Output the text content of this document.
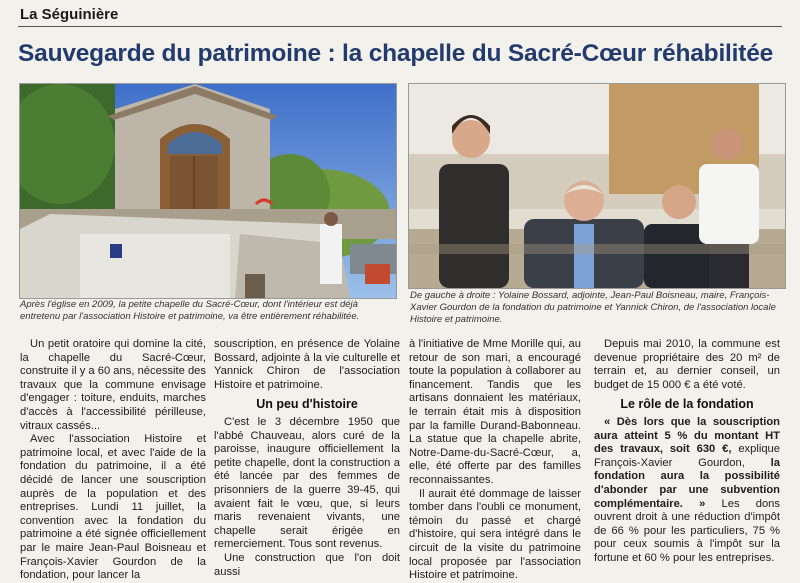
La Séguinière
Sauvegarde du patrimoine : la chapelle du Sacré-Cœur réhabilitée
Après l'église en 2009, la petite chapelle du Sacré-Cœur, dont l'intérieur est déjà entretenu par l'association Histoire et patrimoine, va être entièrement réhabilitée.
De gauche à droite : Yolaine Bossard, adjointe, Jean-Paul Boisneau, maire, François-Xavier Gourdon de la fondation du patrimoine et Yannick Chiron, de l'association locale Histoire et patrimoine.

Un petit oratoire qui domine la cité, la chapelle du Sacré-Cœur, construite il y a 60 ans, nécessite des travaux que la commune envisage d'engager : toiture, enduits, marches d'accès à l'accessibilité périlleuse, vitraux cassés...

Avec l'association Histoire et patrimoine local, et avec l'aide de la fondation du patrimoine, il a été décidé de lancer une souscription auprès de la population et des entreprises. Lundi 11 juillet, la convention avec la fondation du patrimoine a été signée officiellement par le maire Jean-Paul Boisneau et François-Xavier Gourdon de la fondation, pour lancer la

souscription, en présence de Yolaine Bossard, adjointe à la vie culturelle et Yannick Chiron de l'association Histoire et patrimoine.

Un peu d'histoire

C'est le 3 décembre 1950 que l'abbé Chauveau, alors curé de la paroisse, inaugure officiellement la petite chapelle, dont la construction a été lancée par des femmes de prisonniers de la guerre 39-45, qui avaient fait le vœu, que, si leurs maris revenaient vivants, une chapelle serait érigée en remerciement. Tous sont revenus.

Une construction que l'on doit aussi

à l'initiative de Mme Morille qui, au retour de son mari, a encouragé toute la population à collaborer au financement. Tandis que les artisans donnaient les matériaux, le terrain était mis à disposition par la famille Durand-Babonneau. La statue que la chapelle abrite, Notre-Dame-du-Sacré-Cœur, a, elle, été offerte par des familles reconnaissantes.

Il aurait été dommage de laisser tomber dans l'oubli ce monument, témoin du passé et chargé d'histoire, qui sera intégré dans le circuit de la visite du patrimoine local proposée par l'association Histoire et patrimoine.

Depuis mai 2010, la commune est devenue propriétaire des 20 m² de terrain et, au dernier conseil, un budget de 15 000 € a été voté.

Le rôle de la fondation

« Dès lors que la souscription aura atteint 5 % du montant HT des travaux, soit 630 €, explique François-Xavier Gourdon, la fondation aura la possibilité d'abonder par une subvention complémentaire. » Les dons ouvrent droit à une réduction d'impôt de 66 % pour les particuliers, 75 % pour ceux soumis à l'impôt sur la fortune et 60 % pour les entreprises.
